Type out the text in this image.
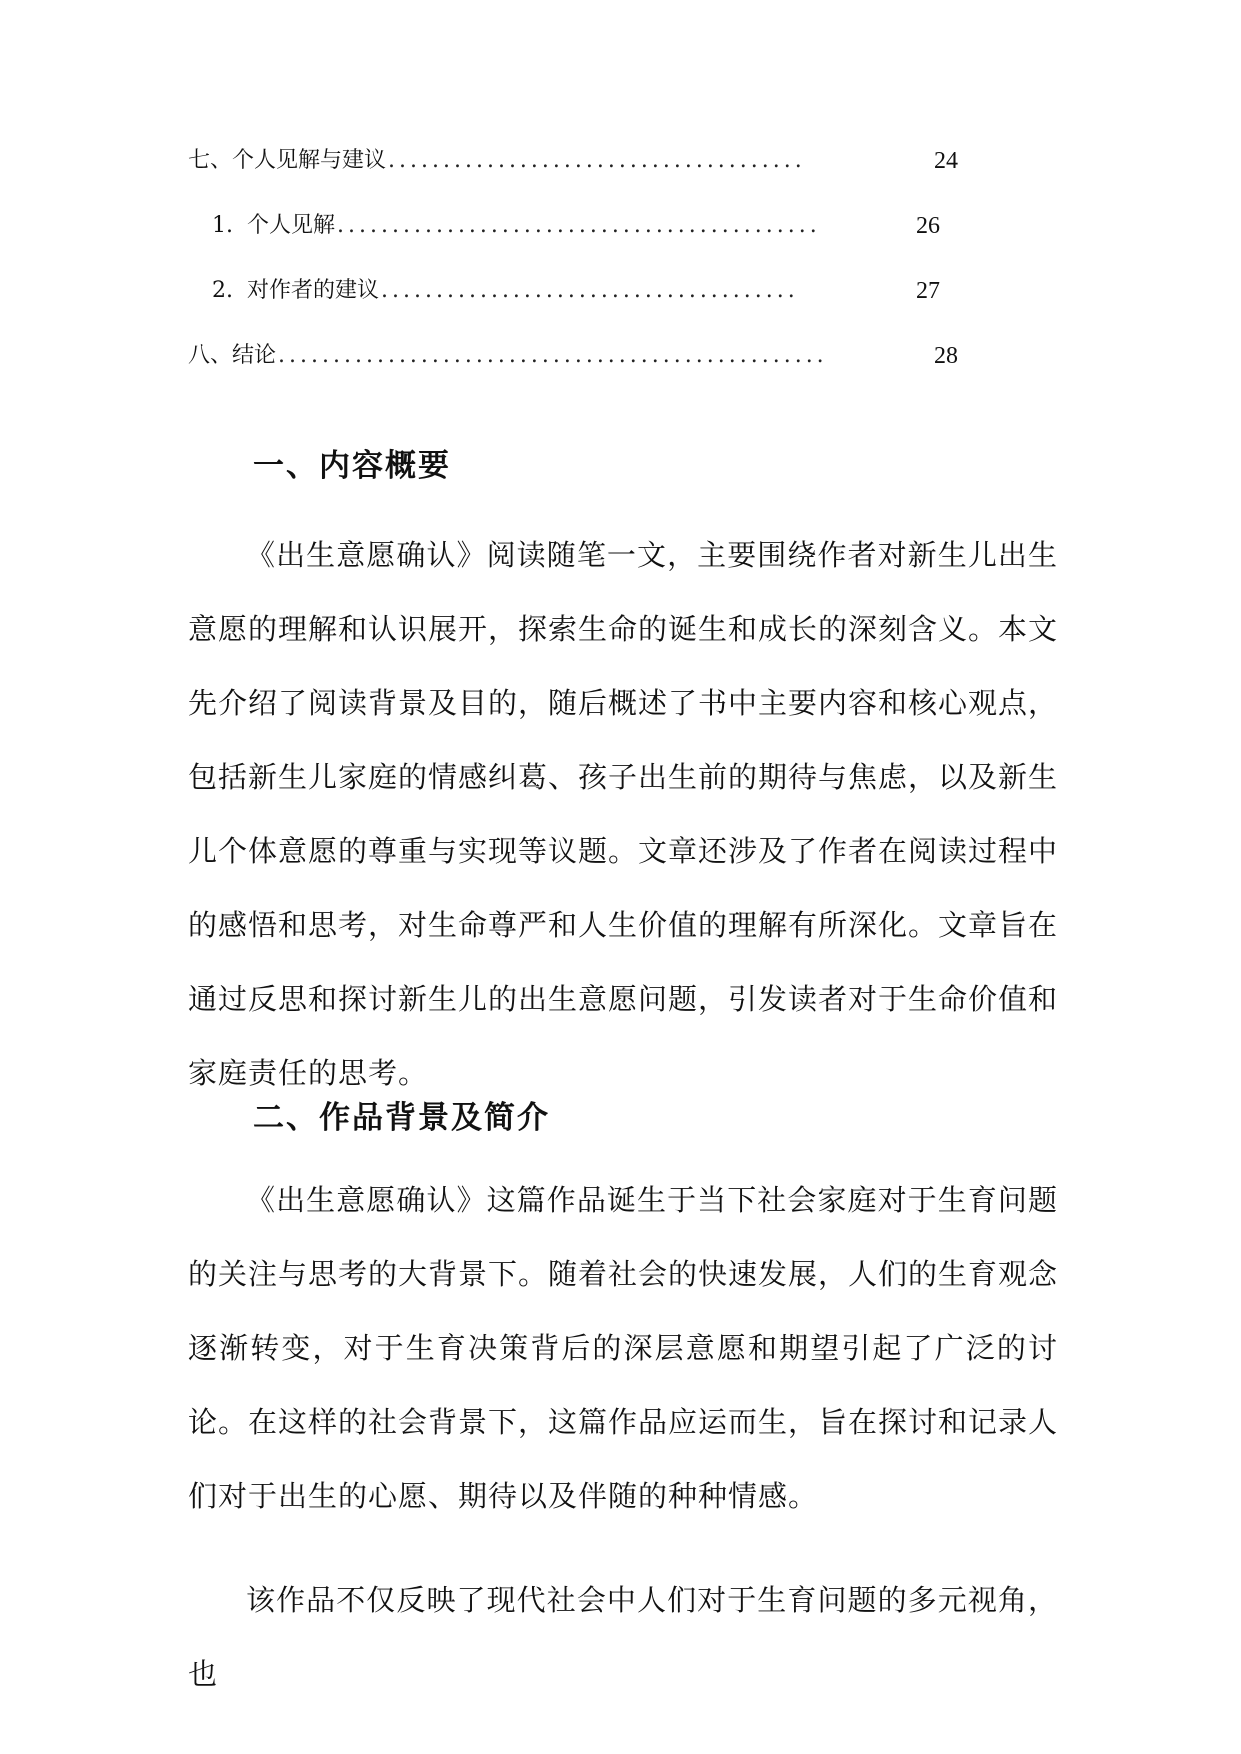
七、个人见解与建议 ......................................	24
1. 个人见解 ............................................	26
2. 对作者的建议 ......................................	27
八、结论 ..................................................	28
一、内容概要

《出生意愿确认》阅读随笔一文，主要围绕作者对新生儿出生意愿的理解和认识展开，探索生命的诞生和成长的深刻含义。本文先介绍了阅读背景及目的，随后概述了书中主要内容和核心观点，包括新生儿家庭的情感纠葛、孩子出生前的期待与焦虑，以及新生儿个体意愿的尊重与实现等议题。文章还涉及了作者在阅读过程中的感悟和思考，对生命尊严和人生价值的理解有所深化。文章旨在通过反思和探讨新生儿的出生意愿问题，引发读者对于生命价值和家庭责任的思考。

二、作品背景及简介

《出生意愿确认》这篇作品诞生于当下社会家庭对于生育问题的关注与思考的大背景下。随着社会的快速发展，人们的生育观念逐渐转变，对于生育决策背后的深层意愿和期望引起了广泛的讨论。在这样的社会背景下，这篇作品应运而生，旨在探讨和记录人们对于出生的心愿、期待以及伴随的种种情感。

该作品不仅反映了现代社会中人们对于生育问题的多元视角，也
